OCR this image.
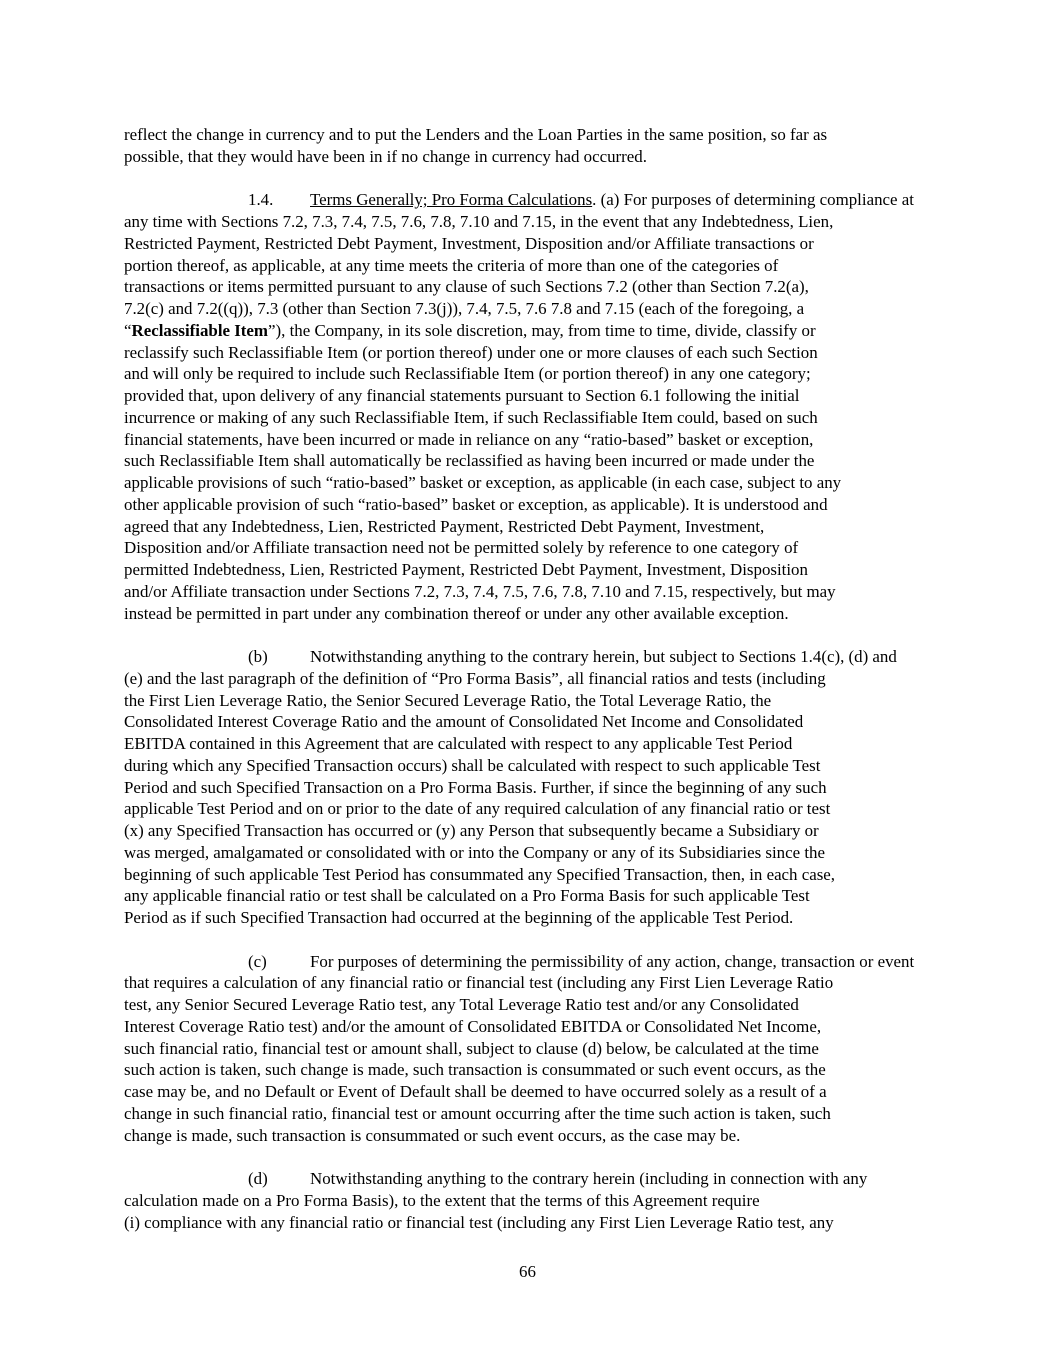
reflect the change in currency and to put the Lenders and the Loan Parties in the same position, so far as
possible, that they would have been in if no change in currency had occurred.
1.4. Terms Generally; Pro Forma Calculations. (a) For purposes of determining compliance at
any time with Sections 7.2, 7.3, 7.4, 7.5, 7.6, 7.8, 7.10 and 7.15, in the event that any Indebtedness, Lien,
Restricted Payment, Restricted Debt Payment, Investment, Disposition and/or Affiliate transactions or
portion thereof, as applicable, at any time meets the criteria of more than one of the categories of
transactions or items permitted pursuant to any clause of such Sections 7.2 (other than Section 7.2(a),
7.2(c) and 7.2((q)), 7.3 (other than Section 7.3(j)), 7.4, 7.5, 7.6 7.8 and 7.15 (each of the foregoing, a
“Reclassifiable Item”), the Company, in its sole discretion, may, from time to time, divide, classify or
reclassify such Reclassifiable Item (or portion thereof) under one or more clauses of each such Section
and will only be required to include such Reclassifiable Item (or portion thereof) in any one category;
provided that, upon delivery of any financial statements pursuant to Section 6.1 following the initial
incurrence or making of any such Reclassifiable Item, if such Reclassifiable Item could, based on such
financial statements, have been incurred or made in reliance on any “ratio-based” basket or exception,
such Reclassifiable Item shall automatically be reclassified as having been incurred or made under the
applicable provisions of such “ratio-based” basket or exception, as applicable (in each case, subject to any
other applicable provision of such “ratio-based” basket or exception, as applicable). It is understood and
agreed that any Indebtedness, Lien, Restricted Payment, Restricted Debt Payment, Investment,
Disposition and/or Affiliate transaction need not be permitted solely by reference to one category of
permitted Indebtedness, Lien, Restricted Payment, Restricted Debt Payment, Investment, Disposition
and/or Affiliate transaction under Sections 7.2, 7.3, 7.4, 7.5, 7.6, 7.8, 7.10 and 7.15, respectively, but may
instead be permitted in part under any combination thereof or under any other available exception.
(b)	Notwithstanding anything to the contrary herein, but subject to Sections 1.4(c), (d) and
(e) and the last paragraph of the definition of “Pro Forma Basis”, all financial ratios and tests (including
the First Lien Leverage Ratio, the Senior Secured Leverage Ratio, the Total Leverage Ratio, the
Consolidated Interest Coverage Ratio and the amount of Consolidated Net Income and Consolidated
EBITDA contained in this Agreement that are calculated with respect to any applicable Test Period
during which any Specified Transaction occurs) shall be calculated with respect to such applicable Test
Period and such Specified Transaction on a Pro Forma Basis. Further, if since the beginning of any such
applicable Test Period and on or prior to the date of any required calculation of any financial ratio or test
(x) any Specified Transaction has occurred or (y) any Person that subsequently became a Subsidiary or
was merged, amalgamated or consolidated with or into the Company or any of its Subsidiaries since the
beginning of such applicable Test Period has consummated any Specified Transaction, then, in each case,
any applicable financial ratio or test shall be calculated on a Pro Forma Basis for such applicable Test
Period as if such Specified Transaction had occurred at the beginning of the applicable Test Period.
(c)	For purposes of determining the permissibility of any action, change, transaction or event
that requires a calculation of any financial ratio or financial test (including any First Lien Leverage Ratio
test, any Senior Secured Leverage Ratio test, any Total Leverage Ratio test and/or any Consolidated
Interest Coverage Ratio test) and/or the amount of Consolidated EBITDA or Consolidated Net Income,
such financial ratio, financial test or amount shall, subject to clause (d) below, be calculated at the time
such action is taken, such change is made, such transaction is consummated or such event occurs, as the
case may be, and no Default or Event of Default shall be deemed to have occurred solely as a result of a
change in such financial ratio, financial test or amount occurring after the time such action is taken, such
change is made, such transaction is consummated or such event occurs, as the case may be.
(d)	Notwithstanding anything to the contrary herein (including in connection with any
calculation made on a Pro Forma Basis), to the extent that the terms of this Agreement require
(i) compliance with any financial ratio or financial test (including any First Lien Leverage Ratio test, any
66
